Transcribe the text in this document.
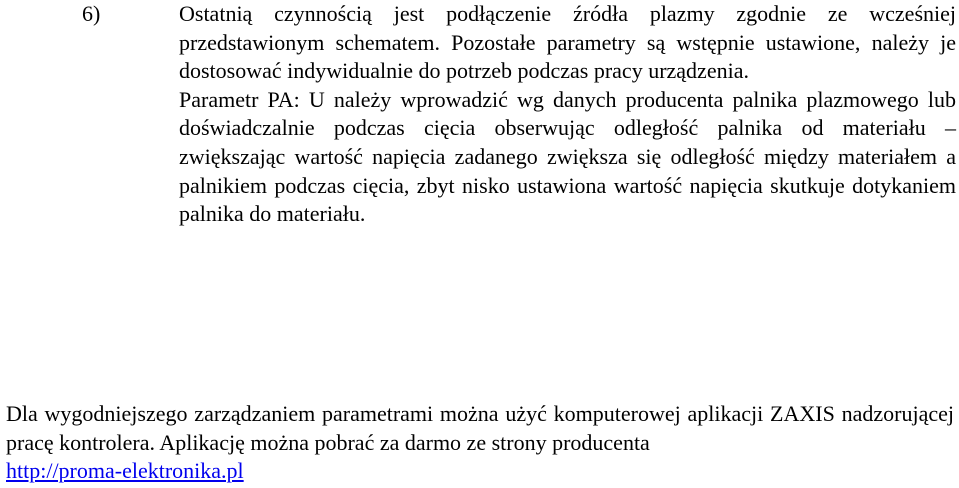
6)	Ostatnią czynnością jest podłączenie źródła plazmy zgodnie ze wcześniej przedstawionym schematem. Pozostałe parametry są wstępnie ustawione, należy je dostosować indywidualnie do potrzeb podczas pracy urządzenia.

Parametr PA: U należy wprowadzić wg danych producenta palnika plazmowego lub doświadczalnie podczas cięcia obserwując odległość palnika od materiału – zwiększając wartość napięcia zadanego zwiększa się odległość między materiałem a palnikiem podczas cięcia, zbyt nisko ustawiona wartość napięcia skutkuje dotykaniem palnika do materiału.

Dla wygodniejszego zarządzaniem parametrami można użyć komputerowej aplikacji ZAXIS nadzorującej pracę kontrolera. Aplikację można pobrać za darmo ze strony producenta
http://proma-elektronika.pl
